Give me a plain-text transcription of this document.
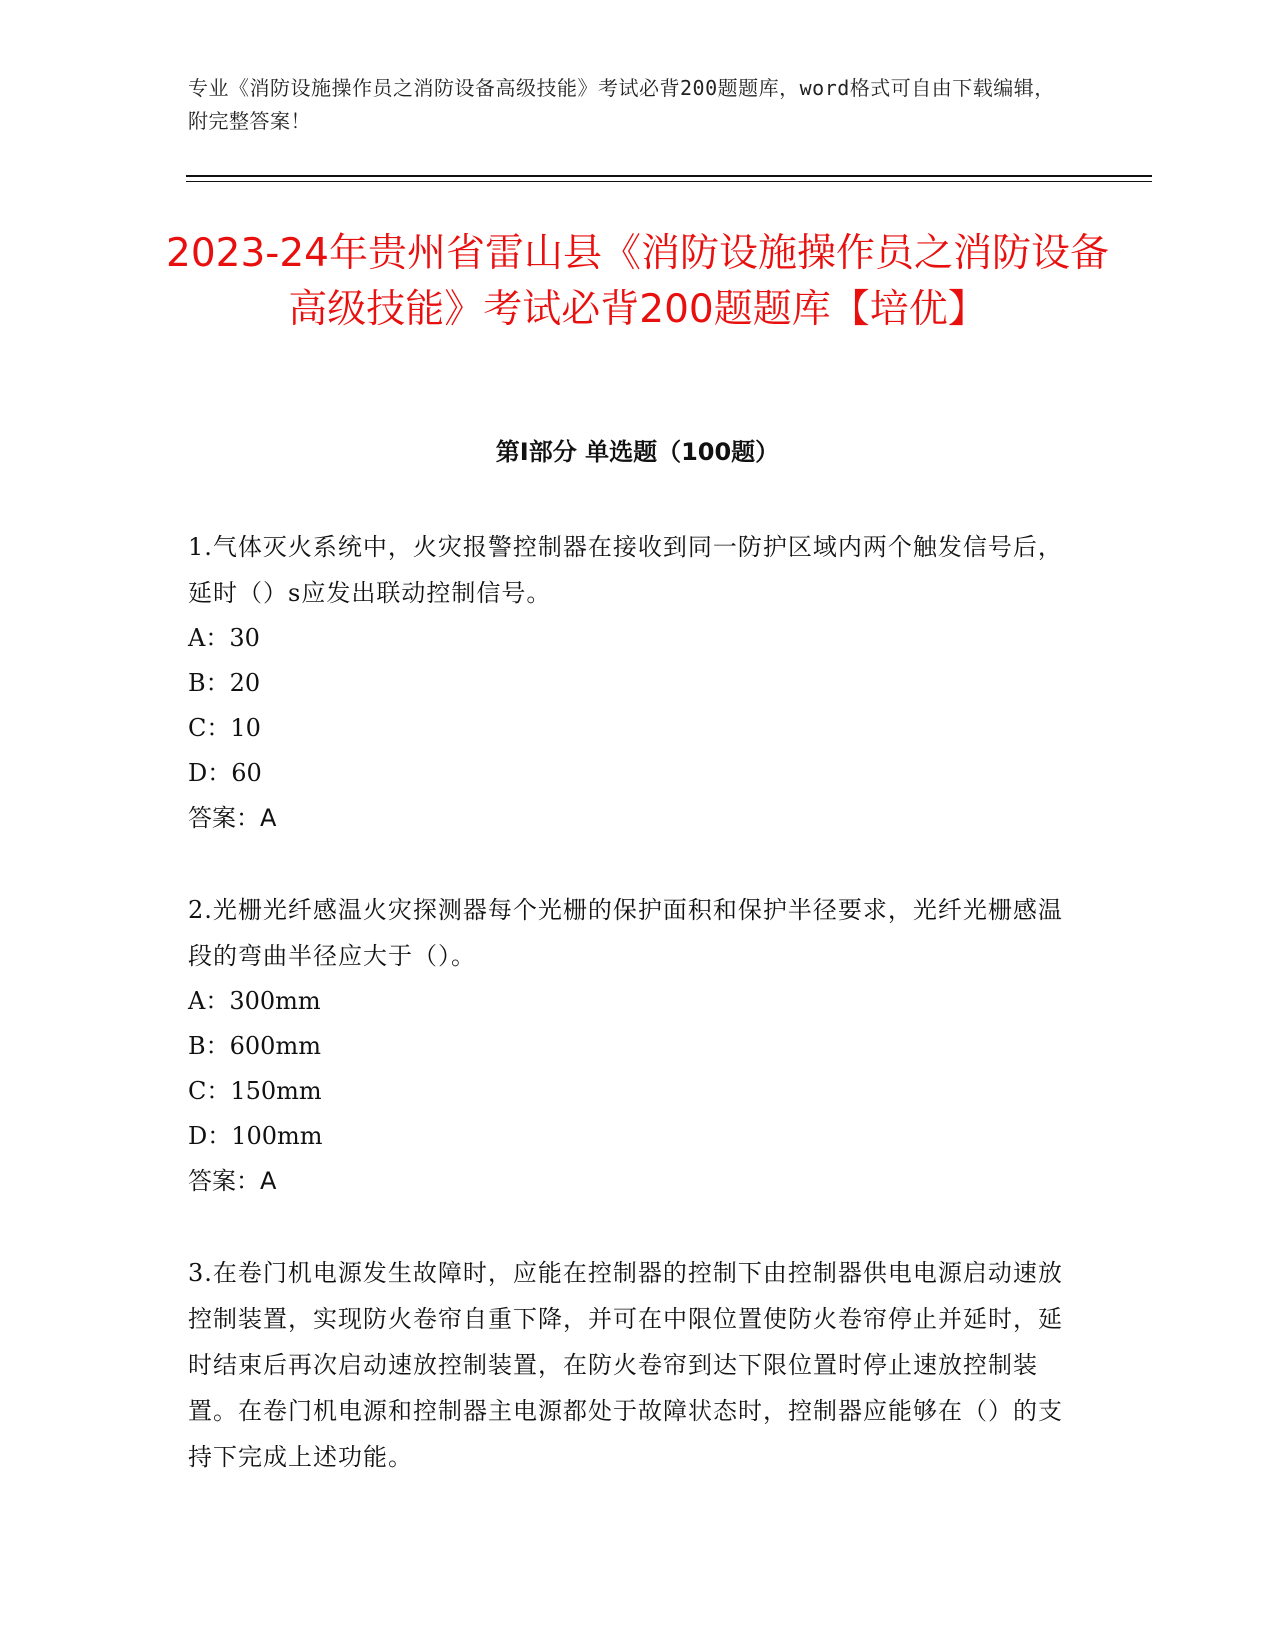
专业《消防设施操作员之消防设备高级技能》考试必背200题题库，word格式可自由下载编辑，附完整答案！
2023-24年贵州省雷山县《消防设施操作员之消防设备高级技能》考试必背200题题库【培优】
第Ⅰ部分 单选题（100题）

1.气体灭火系统中，火灾报警控制器在接收到同一防护区域内两个触发信号后，延时（）s应发出联动控制信号。

A：30

B：20

C：10

D：60

答案：A

2.光栅光纤感温火灾探测器每个光栅的保护面积和保护半径要求，光纤光栅感温段的弯曲半径应大于（）。

A：300mm

B：600mm

C：150mm

D：100mm

答案：A

3.在卷门机电源发生故障时，应能在控制器的控制下由控制器供电电源启动速放控制装置，实现防火卷帘自重下降，并可在中限位置使防火卷帘停止并延时，延时结束后再次启动速放控制装置，在防火卷帘到达下限位置时停止速放控制装置。在卷门机电源和控制器主电源都处于故障状态时，控制器应能够在（）的支持下完成上述功能。
